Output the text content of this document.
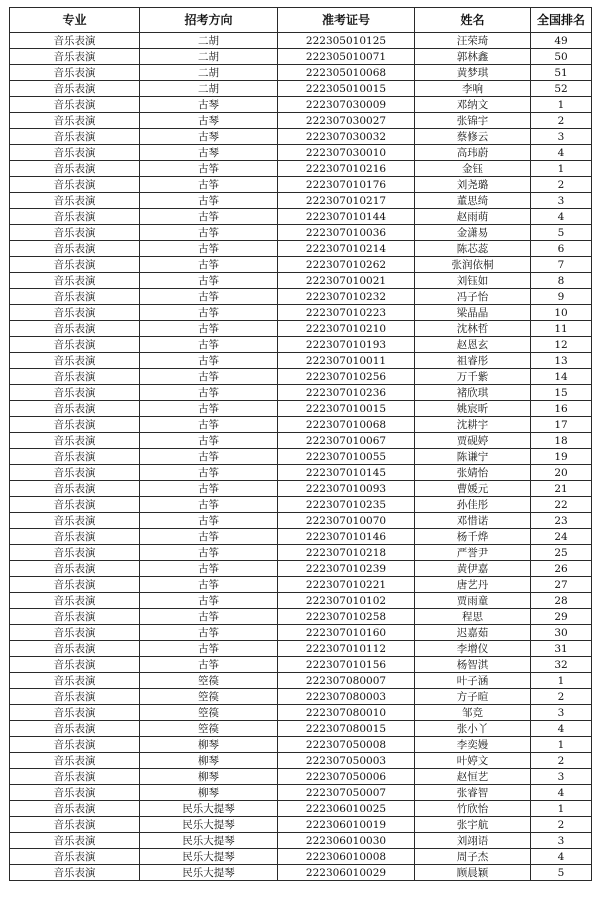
专业	招考方向	准考证号	姓名	全国排名
音乐表演	二胡	222305010125	汪荣琦	49
音乐表演	二胡	222305010071	郭林鑫	50
音乐表演	二胡	222305010068	黄梦琪	51
音乐表演	二胡	222305010015	李响	52
音乐表演	古琴	222307030009	邓纳文	1
音乐表演	古琴	222307030027	张锦宇	2
音乐表演	古琴	222307030032	蔡修云	3
音乐表演	古琴	222307030010	高玮蔚	4
音乐表演	古筝	222307010216	金钰	1
音乐表演	古筝	222307010176	刘尧璐	2
音乐表演	古筝	222307010217	董思绮	3
音乐表演	古筝	222307010144	赵雨萌	4
音乐表演	古筝	222307010036	金潇易	5
音乐表演	古筝	222307010214	陈芯蕊	6
音乐表演	古筝	222307010262	张润依桐	7
音乐表演	古筝	222307010021	刘钰如	8
音乐表演	古筝	222307010232	冯子怡	9
音乐表演	古筝	222307010223	梁晶晶	10
音乐表演	古筝	222307010210	沈林哲	11
音乐表演	古筝	222307010193	赵恩玄	12
音乐表演	古筝	222307010011	祖睿彤	13
音乐表演	古筝	222307010256	万千紫	14
音乐表演	古筝	222307010236	褚欣琪	15
音乐表演	古筝	222307010015	姚宸昕	16
音乐表演	古筝	222307010068	沈耕宇	17
音乐表演	古筝	222307010067	贾砚婷	18
音乐表演	古筝	222307010055	陈谦宁	19
音乐表演	古筝	222307010145	张婧怡	20
音乐表演	古筝	222307010093	曹媛元	21
音乐表演	古筝	222307010235	孙佳彤	22
音乐表演	古筝	222307010070	邓惜诺	23
音乐表演	古筝	222307010146	杨千烨	24
音乐表演	古筝	222307010218	严誉尹	25
音乐表演	古筝	222307010239	黄伊嘉	26
音乐表演	古筝	222307010221	唐艺丹	27
音乐表演	古筝	222307010102	贾雨童	28
音乐表演	古筝	222307010258	程思	29
音乐表演	古筝	222307010160	迟嘉茹	30
音乐表演	古筝	222307010112	李增仪	31
音乐表演	古筝	222307010156	杨智淇	32
音乐表演	箜篌	222307080007	叶子涵	1
音乐表演	箜篌	222307080003	方子暄	2
音乐表演	箜篌	222307080010	邹竞	3
音乐表演	箜篌	222307080015	张小丫	4
音乐表演	柳琴	222307050008	李奕嫚	1
音乐表演	柳琴	222307050003	叶婷文	2
音乐表演	柳琴	222307050006	赵恒艺	3
音乐表演	柳琴	222307050007	张睿智	4
音乐表演	民乐大提琴	222306010025	竹欣怡	1
音乐表演	民乐大提琴	222306010019	张宇航	2
音乐表演	民乐大提琴	222306010030	刘翊语	3
音乐表演	民乐大提琴	222306010008	周子杰	4
音乐表演	民乐大提琴	222306010029	顾晨颖	5
